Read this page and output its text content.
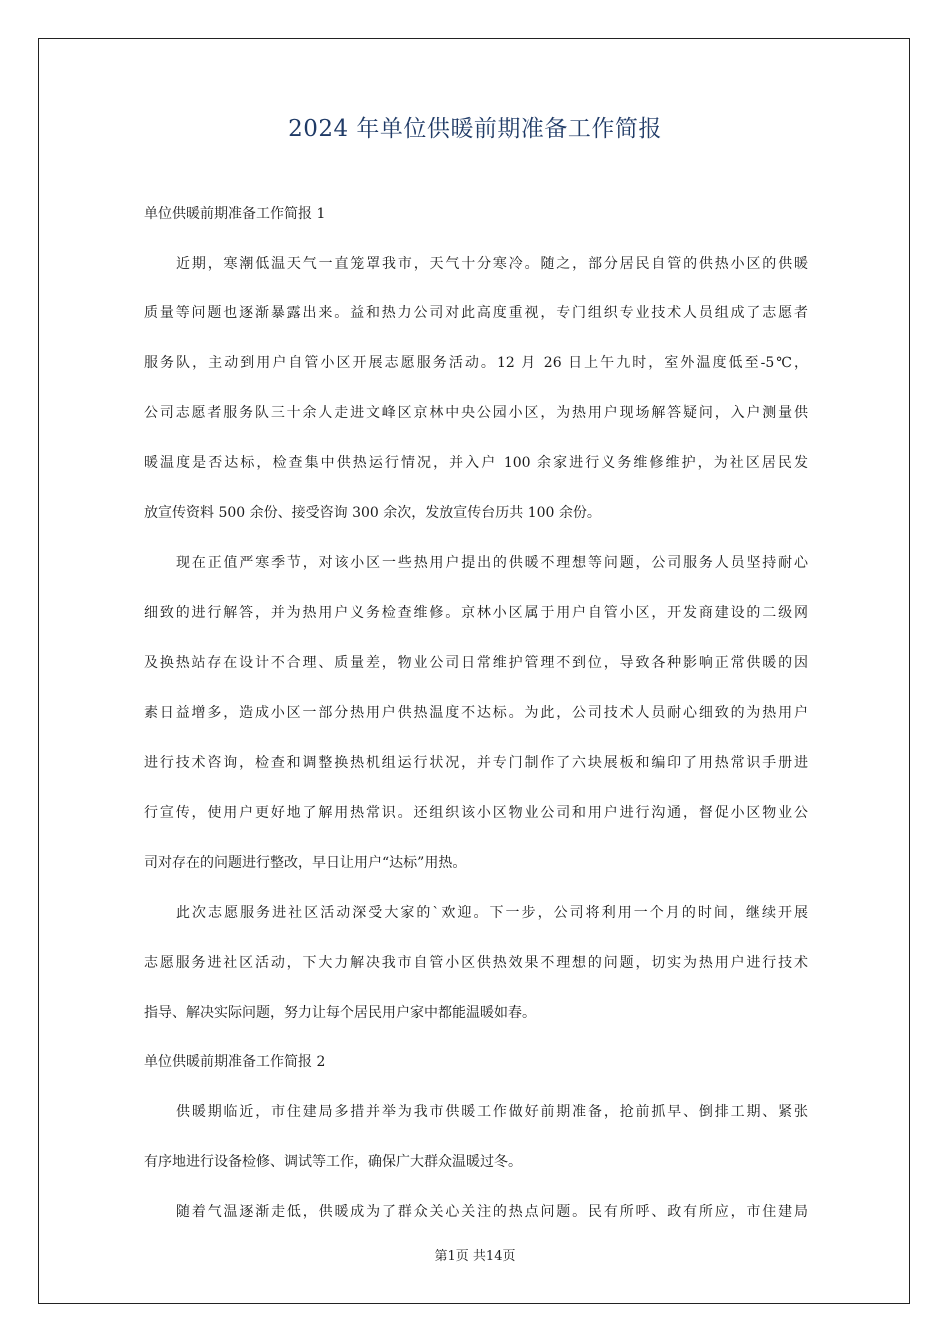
2024 年单位供暖前期准备工作简报
单位供暖前期准备工作简报 1
近期，寒潮低温天气一直笼罩我市，天气十分寒冷。随之，部分居民自管的供热小区的供暖
质量等问题也逐渐暴露出来。益和热力公司对此高度重视，专门组织专业技术人员组成了志愿者
服务队，主动到用户自管小区开展志愿服务活动。12 月 26 日上午九时，室外温度低至-5℃，
公司志愿者服务队三十余人走进文峰区京林中央公园小区，为热用户现场解答疑问，入户测量供
暖温度是否达标，检查集中供热运行情况，并入户 100 余家进行义务维修维护，为社区居民发
放宣传资料 500 余份、接受咨询 300 余次，发放宣传台历共 100 余份。
现在正值严寒季节，对该小区一些热用户提出的供暖不理想等问题，公司服务人员坚持耐心
细致的进行解答，并为热用户义务检查维修。京林小区属于用户自管小区，开发商建设的二级网
及换热站存在设计不合理、质量差，物业公司日常维护管理不到位，导致各种影响正常供暖的因
素日益增多，造成小区一部分热用户供热温度不达标。为此，公司技术人员耐心细致的为热用户
进行技术咨询，检查和调整换热机组运行状况，并专门制作了六块展板和编印了用热常识手册进
行宣传，使用户更好地了解用热常识。还组织该小区物业公司和用户进行沟通，督促小区物业公
司对存在的问题进行整改，早日让用户“达标”用热。
此次志愿服务进社区活动深受大家的`欢迎。下一步，公司将利用一个月的时间，继续开展
志愿服务进社区活动，下大力解决我市自管小区供热效果不理想的问题，切实为热用户进行技术
指导、解决实际问题，努力让每个居民用户家中都能温暖如春。
单位供暖前期准备工作简报 2
供暖期临近，市住建局多措并举为我市供暖工作做好前期准备，抢前抓早、倒排工期、紧张
有序地进行设备检修、调试等工作，确保广大群众温暖过冬。
随着气温逐渐走低，供暖成为了群众关心关注的热点问题。民有所呼、政有所应，市住建局
第1页 共14页
